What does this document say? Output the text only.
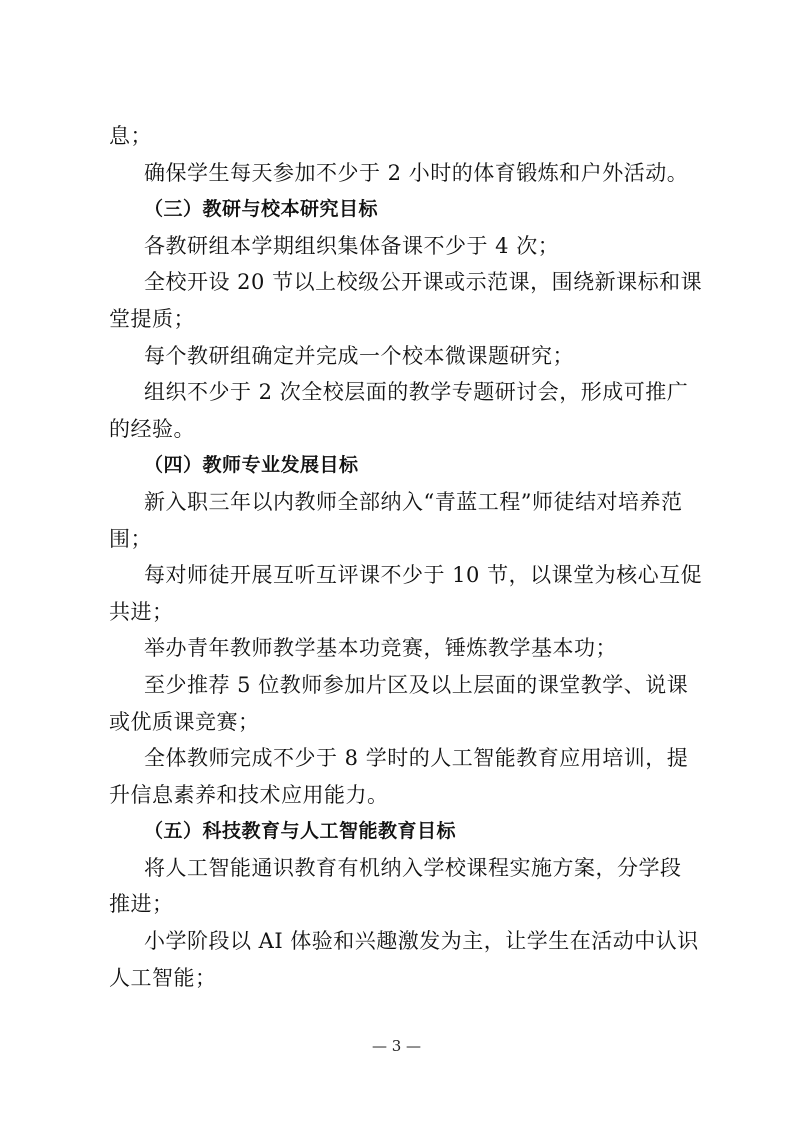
息；
确保学生每天参加不少于 2 小时的体育锻炼和户外活动。
（三）教研与校本研究目标
各教研组本学期组织集体备课不少于 4 次；
全校开设 20 节以上校级公开课或示范课，围绕新课标和课
堂提质；
每个教研组确定并完成一个校本微课题研究；
组织不少于 2 次全校层面的教学专题研讨会，形成可推广
的经验。
（四）教师专业发展目标
新入职三年以内教师全部纳入“青蓝工程”师徒结对培养范
围；
每对师徒开展互听互评课不少于 10 节，以课堂为核心互促
共进；
举办青年教师教学基本功竞赛，锤炼教学基本功；
至少推荐 5 位教师参加片区及以上层面的课堂教学、说课
或优质课竞赛；
全体教师完成不少于 8 学时的人工智能教育应用培训，提
升信息素养和技术应用能力。
（五）科技教育与人工智能教育目标
将人工智能通识教育有机纳入学校课程实施方案，分学段
推进；
小学阶段以 AI 体验和兴趣激发为主，让学生在活动中认识
人工智能；
— 3 —
